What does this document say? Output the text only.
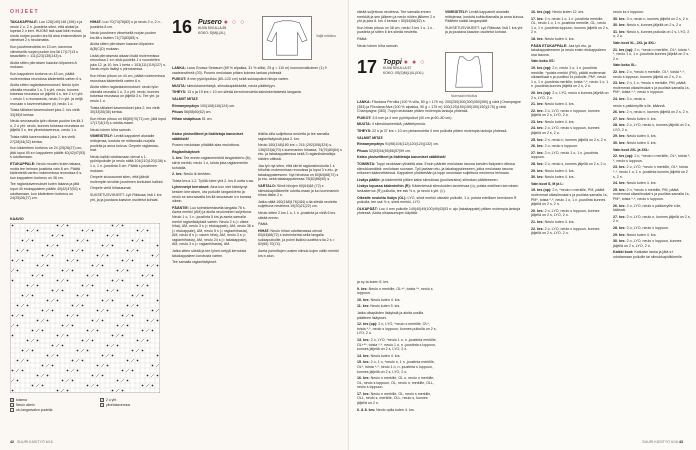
OHJEET

TAKAKAPPALE: Luo 128(140)148 (156) s ja neulo 2 o, 2 n -joustinta siten, että aloitat ja lopetat 2 o kerr. HUOM! Istä saat kikit reunat, nosta nurjan puolen krs:llä aina ensimmäinen ja viimeiset 2 s neulomatta.

Kun joustinneuletta on 10 cm, kavenna viimeisellä nurjan puolen krs:llä 17(17)13 s tasavälein = 111(123)135(143) s.

Aloita sitten piirroksen kaavion kilpainen A mukaan.

Kun kappaleen korkeus on 43 cm, päätä molemmissa reunoissa kädenteitä varten 6 s.

Aloita sitten raglankavennukset: Neulo työn oikealla reunalla 1 s, 3 s yht. neulo, kunnes toisessa reunassa on jäljellä 4 s, tee 2 s n yht. = neulo 1 s reunaneula, neulo 2 n yht. ja neljä reunaan s kavennetuksen yli, neulo 1 o.

Toista tällaiset kavennukset joka 2. krs vielä 33(36)9 kertaa.

Neulo seuraavalla työn oikean puolen krs:llä 1 o, 2 o yht. neulo, kunnes toisessa reunassa on jäljellä 3 s, tee ylivetokavennus, neulo 1 o.

Toista näitä kavennuksia joka 2. krs vielä 27(28)34(32) kertaa.

Kun kädenteen korkeus on 24 (25)26(27) cm, jätä loput 45 s:n kappaleen päälle 40(42)47(53) s odottamaan.

ETUKAPPALE: Neulo muuten kuten takana, mutta tee helman joustinta vain 8 cm. Päätä kädenteitä varten molemmissa reunoissa 6 s, kun kappaleen korkeus on 36 cm.

Tee raglankavennukset kuten takana ja jätä loput 40 etukappaleen päälle 40(42)47(53) s odottamaan, kun kädenteen korkeus on 24(25)26(27) cm.

KAAVIO
□ toisena
• Neulo oikein
◦ oiu langanvalon puolella
/ 2 o yht
\ ylivetokavennus

HIHAT: Luo 70(74)78(82) s ja neulo 2 o, 2 n -joustinta 8 cm.

Neulo joustimen viimeisellä nurjan puolen krs:llä s lisäten 71(73)83(85) s.

Aloita sitten piirroksen kaavion kilpainen A(B)C(D) mukaan.

Lisää piirroksesta aikaan lisää molemmissa reunoissa 1 s:n sisä-puolella 1 s vuorotellen joka 12. ja 10. krs 1 kerta = 103(111)119(127) s. Neulo myös lisätyt s piirroksessa.

Kun hihan pituus on 44 cm, päätä molemmissa reunoissa kädentietä varten 6 s.

Aloita sitten raglankavennukset: neulo työn oikealla reunalla 1 o, 3 o yht. neulo, kunnes toisessa reunassa on jäljellä 3 s. Tee yht. ja neulo 1 o.

Toista tällaiset kavennukset joka 2. krs vielä 30(33)35(36) kertaa.

Kun hihan pituus on 68(69)70(71) cm, jätä loput 17(17)4(19) s odotta-maan.

Neulo toinen hiha samoin.

VIIMEISTELY: Levitä kappaleet alustalle mittojensa, kostuta ne mittamalla nurjalla puolella ja anna kuivua. Ompele raglansau-mat.

Neulo kaikki odottamaan olevat s 1. pyöröpuikolle ja neulo näitä 104(110)120(136) s 1 o, 1 n -joustinta 5 cm. Päätä s joustimen mukaan.

Ompele sivusaumat siten, että jäävät molempiin sivuihin joustimen korkuiset halkiot.

Ompele vielä hihasaumat.

SUKSETUSVIHJEET: Lyö Rikkoaa; lisä 1 krs yht, ja ja joustava kaavion osoitetut kohdat.

16 Pusero ● ○ ○
KUVA SIVULLA 55
KOKO: S(M)L(XL)
Valjä mitoitus

LANKA: Lana Grossa Setasum (69 % alpakka, 31 % silkki, 25 g = 110 m) luonnonvalkoinen (1) 9 vaaleanvihreä (03). Pusero neulotaan pitäen kolmea lankaa yhdessä.

PUIKOT: 8 mm pyöröpuikko (80–120 cm) sekä sukkapuikot hihoja varten.

MUUTA: silmukkamerkkejä, silmukkapidikkeitä, neula päättelyyn.

TIHEYS: 13 s ja 19 krs = 10 cm sileää kerroinneuletta kaksinkertaisesta langasta.

VALMIIT MITAT:

Rinnanympärys 100(108)116(124) cm.

Pituus 56(58)60(62) cm.

Hihan sisäpituus 51 cm.

Katso yksiselitteet ja lisätietoja kanoniset säätöistä!

Pusero neulotaan ylhäältä alas neulottuna.

Raglanlisäykset:

1. krs: Tee ennen raglanmerkkiä langankierto (lk), siirrä merkki, neulo 1 o, toista joka raglanmerkin kohdalla.

2. krs: Neulo lk kiertäen.

Toista krs:a 1-2. Työllä tulee yhä 2. krs 8 uutta s:aa.

Lyhennetyt kerrokset: Aina kun olet kääntynyt kesken kerroksen, ota puikolle langankierto ja neulo se seuraavalla krs:llä seuraavan s:n kanssa oikein.

PÄÄNTIE: Luo kolminkertaisella langalla 76 s. Aseta merkki (AM) ja aloita neulominen suljettuna. Neulo 1 o, 1 n -joustinta 5 krs ja aseta samalla merkit raglanlisäyksiä varten: Neulo 2 s (= oikea hiha), AM, neulo 3 s (= etukappale), AM, neulo 36 s (= etukappale), AM, neulo 5 s (= raglanhihasta), AM, neulo 8 s (= vasen hiha), AM, neulo 3 s (= raglanhihasta), AM, neulo 24 s (= takakappale), AM, neulo 3 s (= raglanhihasta), AM.

Jatka sitten sileää ja tee lyhen-netyjä kerroksia takakappaleen korotusta varten.

Tee samalla raglanlisäykset.

leikilla silla sulljettuna neuletta ja tee samalla raglanlisäyksiä joka 2. krs.

Neulo 160(148)180 krs = 216 (292)308(324) s, 136(024)6(70) s kummankin hihassa, 74(76)80(84) s etu- ja takakappaleessa sekä 3 raglanlisämalleja näiden välissä.

Jaa työ nyt siten, että siirrät raglansilmukoita 1 s hihoihin molemmissa reunoissa ja loput 3 s etu- ja takakappaleeseen. Nyt hihoissa on 60(64)68(72) s ja etu- sekä takakappaleessa 78(82)86(90) s.

VARTALO: Siirrä hihojen 60(64)68 (72) s silmukkapidikkeelle odotta-maan ja luo kummankin hihan tilalle 2 s.

Jatka näitä 160(168)176(184) s:lla sileää neuletta suljettuna neuleena 19(20)21(22) cm.

Neulo sitten 2 krs 1 o, 1 n -joustinta ja vielä 6 krs sileää ennen.

Päätä.

HIHAT: Neulo hihan odottamassa olevat 60(64)68(72) s kolminkertai-sella langalla sukkapuikoille, ja poimi lisäksi uudelta s:lla 2 s = 62(66) 70(74).

Aseta poimittujen uusien silmuk-kojen väliin merkki krs:n alun.

42 SUURI KÄSITYÖ 6/16

sileää suljettuna neuleena. Tee samalla ennen merkkiä ja sen jälkeen ja neulo niiden jälkeen 2 o yht ja joka 8. krs 4 kertaa = 50(54)58(62) s.

Kun hihan pituus on 38 cm, neulo 3 krs 1 o, 1 n -joustinta ja sitten 6 krs sileää neuletta.

Päätä.

Neulo toinen hiha samoin.

17 Toppi ● ● ○
KUVA SIVULLA 57
KOKO: XS(S)M(L)XL(XXL)
Normaali mitoitus

VIIMEISTELY: Levitä kappaleet alustalle mittojensa, kostuta suihkuttamalla ja anna kuivua. Päättele kaikki langanpäät.

SUKSETUSVIHJEET: Lyö Rikkoaa; lisä 1 krs yht ja ja joustava kaavion osoitetut kohdat.

LANKA: Filcolana Pernilla (100 % villa, 50 g = 175 m): 200(250)300(300)350(350) g värä (Champagne (383) ja Filcolana Alva (100 % alpakka, 50 g = 175 m) 100(125)150(150)150(150)(175) g värä Champagne (383). Toppi neulotaan pitäen molempia lankoja yhdessä.

PUIKOT: 3,5 mm ja 4 mm pyöröpuikot (40 cm ja 60–80 cm).

MUUTA: 4 silmukkamerkkiä, päättelyneula.

TIHEYS: 22 s ja 37 krs = 10 cm pintaneuletta 4 mm puikolla pitäen molempia lankoja yhdessä.

VALMIIT MITAT:

Rinnanympärys 91(98)104(112)120(124)(132) cm.

Pituus 52(53)54(55)56(57)59 cm.

Katso yksiselitteet ja lisätietoja kanoniset säätöistä!

TOIMINTA: Toppi neulotaan ylhäältä alas. Ensin pääntie neulotaan tasona kahden lisäysten ollessa silmukkamäärä: neulotaan suoraan. Työ jaetaan etu- ja takakappaleeseen, jotka neulotaan tasona erikseen käännettäessä. Kappaleet yhdistetään ja toppi neulotaan suljettuna neuleena helmaan.

Lisäys päälle: ja kädenteitä pitäen kaksi silmukkaa (puolivarsina) silmukan päätteeseen.

Lisäys lopussa kädenteihin (R): Kädenteissä silmukoiden tarvelevaa (o), putsta edellisen kerroksen lankakerros (R) puikolla, tee ssk ½ o, ja neulo s yht. (L).

Oikealle neulottu lisäys (OL): LYO, siirrä merkki oikealle puikolle, 1 o, putsta edellisen kerroksen R puikolla, tee ssk ½ s, siirrä merkki, LYO.

OLKAPÄÄT: Luo 4 mm puikolle 149(40)49(100)49(43)53 s: ajo (takakappale) pitäen molempia lankoja yhdessä. Aloita olkasaumojen käyttää.

ja sy-ta kuten 5. krs.

9. krs: Neulo n merkille, OL+*, toista **, neulo s loppuun.

10. krs: Neulo kuten 4. krs.

11. krs: Neulo kuten 5. krs.

Jatka olkapäiden lisäyksiä ja aloita uusilla päätteen lisäykset.

12. krs (op): 2 n, LYO, *neulo s merkille, OL*, toista *-*, neulo s loppuun, kunnes puikolla on 2 s, LYO, 2 o.

13. krs: 2 o, LYO, *neulo 1 o, n -joustinta merkille, OL+**, toista *-*, neulo 1 o, n -joustinta s loppuun, kunnes jäljellä on 2 s, LYO, 2 o.

14. krs: Neulo kuten 4. krs.

15. krs: 2 o, 1 o, *neulo n, 1 n -joustinta merkille, OL*, toista *-*, neulo 1 o, n -joustinta s loppuun, kunnes jäljellä on 2 s, LYO, 2 o.

16. krs: Neulo n merkille, OL o, neulo o merkille, OL, neulo s loppuun, OL, neulo n, merkille, OLL, neulo s loppuun.

17. krs: Neulo n merkille, OL, neulo s merkille, OLL, neulo s, merkille, OLL, neulo s, kunnes jäljellä on 2 s.

6. & 8. krs: Neulo oplla kuten 4. krs.

16. krs (op): Neulo kuten 12. krs.

17. krs: 2 n, neulo 1 o, 1 n -joustinta merkille, OL, neulo 1 o, 1 n -joustinta merkille, OL, neulo 1 o, 1 n -joustinta loppuun, kunnes jäljellä on 2 s, 2 n.

18. krs: Neulo kuten 4. krs.

PÄÄN ETUKAPPALE: Jaa työ etu- ja takakappaleeseen ja neulo ensin etukappaleen osa tasona.

Vain koko XS:

19. krs (op): 2 n, neulo 1 o, 1 n -joustinta merkille, *poista merkki (PM), päätä molemmat olkaselkaat s ja puoliksi 1s puikolle, PM*, neulo 1 o, 1 n -joustinta merkille, toista *-*, neulo 1 o, 1 n -joustinta kunnes jäljellä on 2 s, 2 n.

20. krs (op): 2 o, LYO, neulo s kunnes jäljellä on 2 s, LYO, 2 o.

21. krs: Neulo kuten 4. krs.

22. krs: 2 o, LYO, neulo n loppuun, kunnes jäljellä on 2 s, LYO, 2 o.

23. krs: Neulo kuten 4. krs.

24. krs: 2 o, LYO, neulo s loppuun, kunnes jäljellä on 2 s, 2 o.

25. krs: 2 n, neulo n, kunnes jäljellä on 2 s, 2 n.

26. krs: 2 o, neulo s loppuun.

27. krs: 2 n, LYO, neulo 1 o, 1 n -joustinta loppuun.

28. krs: 2 o, neulo s, kunnes jäljellä on 2 s, 2 o.

29. krs: Neulo kuten 4. krs.

30. krs: Neulo kuten 4. krs.

Vain koot S, M ja L:

19. krs (op): 2 n, *neulo n merkille, PM, päätä molemmat olkasilmukat s ja puolista samalla 1s, PM*, toista *-*, neulo 1 o, 1 n -joustinta kunnes jäljellä on 2 s, 2 n.

20. krs: 2 o, LYO, neulo s loppuun, kunnes jäljellä on 2 s, LYO, 2 o.

21. krs: Neulo kuten 4. krs.

22. krs: 2 o, LYO, neulo s loppuun, kunnes jäljellä on 2 s, LYO, 2 o.

neulo ks s loppuun.

30. krs: 3 n, neulo n, kunnes jäljellä on 2 s, 2 n.

30. krs: Neulo s, kunnes jäljellä on 2 s, 2 o.

31. krs: Neulo s, kunnes puikolla on 2 s, LYO, 2 o, 2 o.

Vain koot XL, 2XL ja 3XL:

21. krs (op): 2 n, *neulo n merkille, OL*, toista *-*, neulo 1 o, 1 n -joustinta kunnes jäljellä on 2 s, 2 n.

Vain koko XL:

22. krs: 2 o, *neulo n merkille, OL*, toista *-*, neulo s loppuun, kunnes jäljellä on 2 s, 2 o.

23. krs: 2 n, 1 o, *neulo n merkille, PM, päätä molemmat olkasilmukat s ja puolista samalla 1s, PM*, toista *-*, neulo n loppuun.

24. krs: 3 o, neulo s.

neulo s paikkeryille s:lle, käännä.

26. krs: 2 n, neulo n, kunnes jäljellä on 2 s, 2 n.

27. krs: Neulo kuten 4. krs.

28. krs: 2 o, LYO, neulo s, kunnes jäljellä on 2 s, LYO, 2 o.

29. krs: Neulo kuten 4. krs.

30. krs: Neulo kuten 4. krs.

Vain koot 2XL ja 3XL:

22. krs (op): 2 n, *neulo n merkille, OL*, toista *-*, neulo s loppuun.

23. krs: 2 o, LYO, *neulo n merkille, OL*, toista *-*, neulo 1 o, 1 n -joustinta kunnes jäljellä on 2 s, 2 n.

24. krs: Neulo kuten 4. krs.

25. krs: 2 n, *neulo n merkille, PM, päätä molemmat olkasilmukat s ja puolista samalla 1s, PM*, toista *-*, neulo s loppuun.

26. krs: 2 o, LYO, neulo s paikkeryille s:lle, käännä.

27. krs: 2 n, LYO, neulo n, kunnes jäljellä on 2 s, 2 n.

28. krs: 2 o, LYO, neulo s loppuun.

29. krs: Neulo kuten 4. krs.

30. krs: 2 o, LYO, neulo s loppuun, kunnes jäljellä on 2 s, LYO, 2 o.

Kaikki koot: Katkaise lanka ja jätä s:t odottamaan puikolle tai silmukkapidikkeelle.

SUURI KÄSITYÖ 6/16 43
